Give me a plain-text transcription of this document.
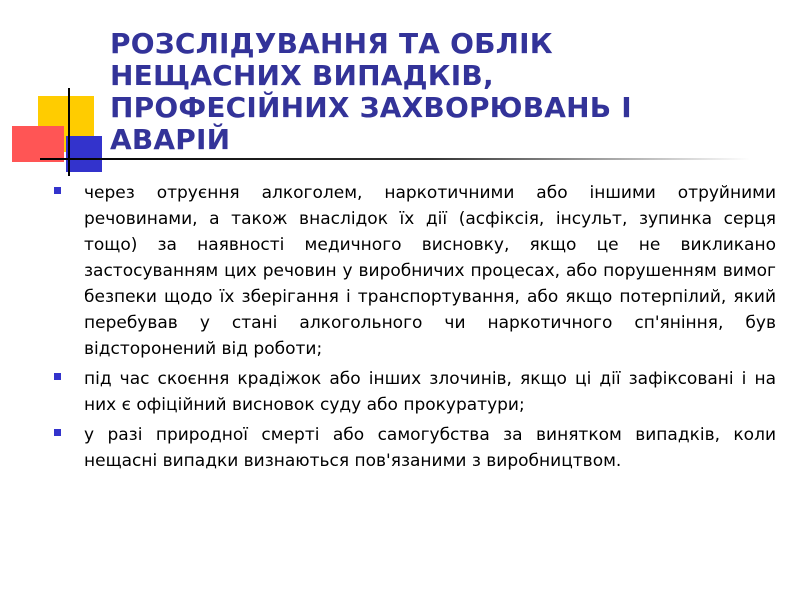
РОЗСЛІДУВАННЯ ТА ОБЛІК
НЕЩАСНИХ ВИПАДКІВ,
ПРОФЕСІЙНИХ ЗАХВОРЮВАНЬ І
АВАРІЙ

через отруєння алкоголем, наркотичними або іншими отруйними речовинами, а також внаслідок їх дії (асфіксія, інсульт, зупинка серця тощо) за наявності медичного висновку, якщо це не викликано застосуванням цих речовин у виробничих процесах, або порушенням вимог безпеки щодо їх зберігання і транспортування, або якщо потерпілий, який перебував у стані алкогольного чи наркотичного сп'яніння, був відсторонений від роботи;

під час скоєння крадіжок або інших злочинів, якщо ці дії зафіксовані і на них є офіційний висновок суду або прокуратури;

у разі природної смерті або самогубства за винятком випадків, коли нещасні випадки визнаються пов'язаними з виробництвом.
